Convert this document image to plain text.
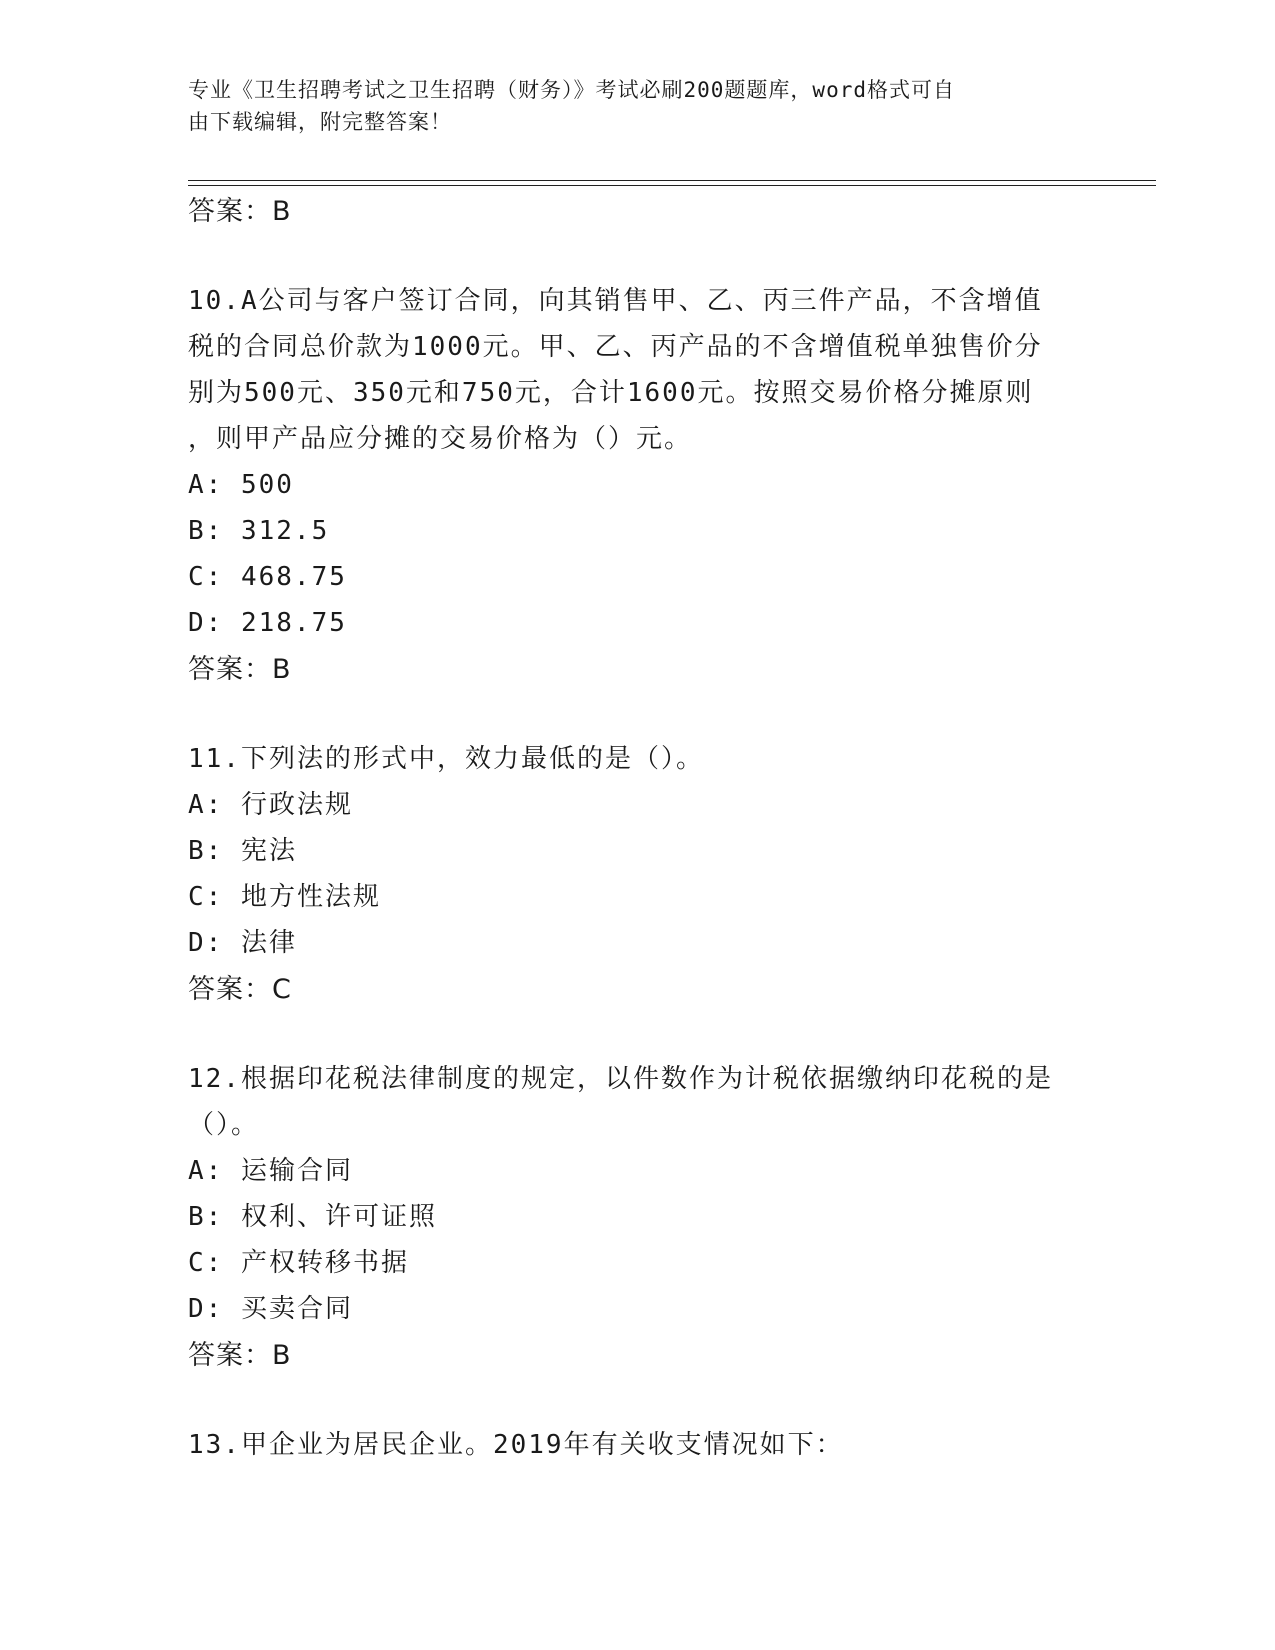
专业《卫生招聘考试之卫生招聘（财务）》考试必刷200题题库，word格式可自
由下载编辑，附完整答案！
答案：B
10.A公司与客户签订合同，向其销售甲、乙、丙三件产品，不含增值
税的合同总价款为1000元。甲、乙、丙产品的不含增值税单独售价分
别为500元、350元和750元，合计1600元。按照交易价格分摊原则
，则甲产品应分摊的交易价格为（）元。
A: 500
B: 312.5
C: 468.75
D: 218.75
答案：B
11.下列法的形式中，效力最低的是（）。
A: 行政法规
B: 宪法
C: 地方性法规
D: 法律
答案：C
12.根据印花税法律制度的规定，以件数作为计税依据缴纳印花税的是
（）。
A: 运输合同
B: 权利、许可证照
C: 产权转移书据
D: 买卖合同
答案：B
13.甲企业为居民企业。2019年有关收支情况如下：
